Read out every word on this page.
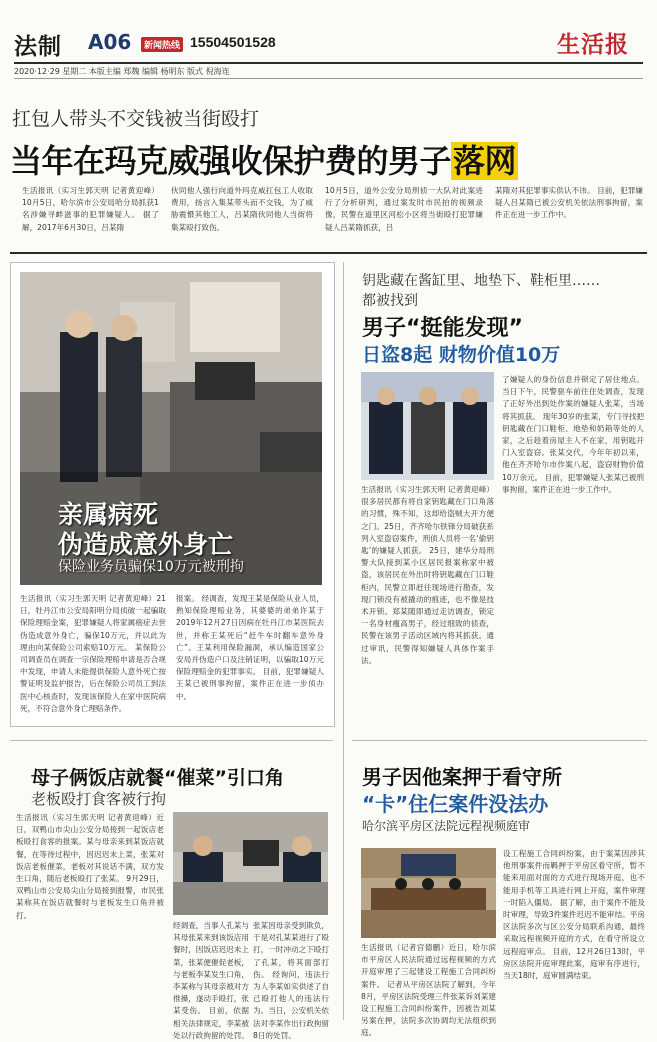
法制 A06	新闻热线 15504501528	生活报
2020·12·29 星期二 本版主编 郑魏 编辑 杨明东 版式 倪海连
扛包人带头不交钱被当街殴打
当年在玛克威强收保护费的男子落网

生活报讯（实习生郭天明 记者黄迎峰）10月5日，哈尔滨市公安局哈分局抓获1名涉嫌寻衅滋事的犯罪嫌疑人。 据了解，2017年6月30日，吕某隋

伙同他人强行向道外玛克威扛包工人收取费用，扬言入集某带头而不交钱，为了威胁震慑其他工人，吕某隋伙同他人当街将集某殴打致伤。

10月5日，道外公安分局刑侦一大队对此案进行了分析研判，通过案发时市民拍的视频录像，民警在道里区河松小区将当街殴打犯罪嫌疑人吕某隋抓获，吕

某隋对其犯罪事实供认不讳。 目前，犯罪嫌疑人吕某隋已被公安机关依法刑事拘留，案件正在进一步工作中。

亲属病死
伪造成意外身亡
保险业务员骗保10万元被刑拘

生活报讯（实习生郭天明 记者黄迎峰）21日，牡丹江市公安局阳明分局侦破一起骗取保险理赔金案，犯罪嫌疑人将家属癌症去世伪造成意外身亡，骗保10万元，并以此为理由向某保险公司索赔10万元。 某保险公司调查员在调查一宗保险理赔申请是否合规中发现，申请人未能提供保险人意外死亡按警证明及监护报告，后在保险公司员工到法医中心核查时，发现该保险人在家中医院病死，不符合意外身亡理赔条件。

报案。 经调查，发现王某是保险从业人员，熟知保险理赔业务，其婆婆的弟弟许某于2019年12月27日因病在牡丹江市某医院去世，并称王某死后“赶牛车时翻车意外身亡”。王某利用保险漏洞，承认编造国家公安局并伪造户口及注销证明，以骗取10万元保险理赔金的犯罪事实。 目前，犯罪嫌疑人王某已被刑事拘留，案件正在进一步侦办中。

钥匙藏在酱缸里、地垫下、鞋柜里……
都被找到
男子“挺能发现”
日盗8起 财物价值10万

生活报讯（实习生郭天明 记者黄迎峰）很多居民都有将自家钥匙藏在门口角落的习惯，殊不知，这却给盗贼大开方便之门。25日，齐齐哈尔铁锋分局破获系列入室盗窃案件，刑侦人员将一名‘偷钥匙’的嫌疑人抓获。 25日，建华分局刑警大队接到某小区居民报案称家中被盗，该居民在外出时将钥匙藏在门口鞋柜内，民警立即赶往现场进行勘查，发现门锁没有被撬动的痕迹，也不像是技术开锁。郑某随即通过走访调查，锁定一名身材瘦高男子，经过细致的侦查，民警在该男子活动区域内将其抓获。通过审讯，民警得知嫌疑人具体作案手法。

了嫌疑人的身份信息并锁定了居住地点。当日下午，民警驱车前往住处调查，发现了正好外出到处作案的嫌疑人张某，当场将其抓获。 现年30岁的张某，专门寻找把钥匙藏在门口鞋柜、地垫和奶箱等处的人家，之后趁着房屋主人不在家，用钥匙开门入室盗窃。张某交代，今年年初以来，他在齐齐哈尔市作案八起，盗窃财物价值10万余元。 目前，犯罪嫌疑人张某已被刑事拘留，案件正在进一步工作中。

母子俩饭店就餐“催菜”引口角
老板殴打食客被行拘

生活报讯（实习生郭天明 记者黄迎峰）近日，双鸭山市尖山公安分局接到一起饭店老板殴打食客的报案。某与母亲来到某饭店就餐，在等待过程中，因迟迟未上菜，张某对饭店老板催菜，老板对其说话不满，双方发生口角，随后老板殴打了张某。 9月29日，双鸭山市公安局尖山分局接到报警，市民张某称其在饭店就餐时与老板发生口角并被打。

经调查，当事人孔某与其母张某来到该饭店用餐时，因饭店迟迟未上菜，张某便催促老板，与老板李某发生口角，李某称与其母亲被对方推搡，遂动手殴打，张某受伤。 目前，依据相关法律规定，李某被处以行政拘留的处罚。

张某因母亲受到欺负，于是对孔某某进行了殴打，一时冲动之下殴打了孔某，将其面部打伤。 经询问，违法行为人李某如实供述了自己殴打他人的违法行为。当日，公安机关依法对李某作出行政拘留8日的处罚。

男子因他案押于看守所
“卡”住仨案件没法办
哈尔滨平房区法院远程视频庭审

生活报讯（记者宫德鹏）近日，哈尔滨市平房区人民法院通过远程视频的方式开庭审理了三起建设工程施工合同纠纷案件。 记者从平房区法院了解到，今年8月，平房区法院受理三件张某诉刘某建设工程施工合同纠纷案件，因被告刘某另案在押，法院多次协调均无法组织到庭。

设工程施工合同纠纷案，由于案某因涉其他刑事案件而羁押于平房区看守所，暂不能来用面对面的方式进行现场开庭，也不能用手机等工具进行网上开庭，案件审理一时陷入僵局。 据了解，由于案件不能及时审理，导致3件案件迟迟不能审结。平房区法院多次与区公安分局联系沟通，最终采取远程视频开庭的方式，在看守所设立远程庭审点。 目前，12月26日13时，平房区法院开庭审理此案，庭审有序进行，当天18时，庭审圆满结束。
